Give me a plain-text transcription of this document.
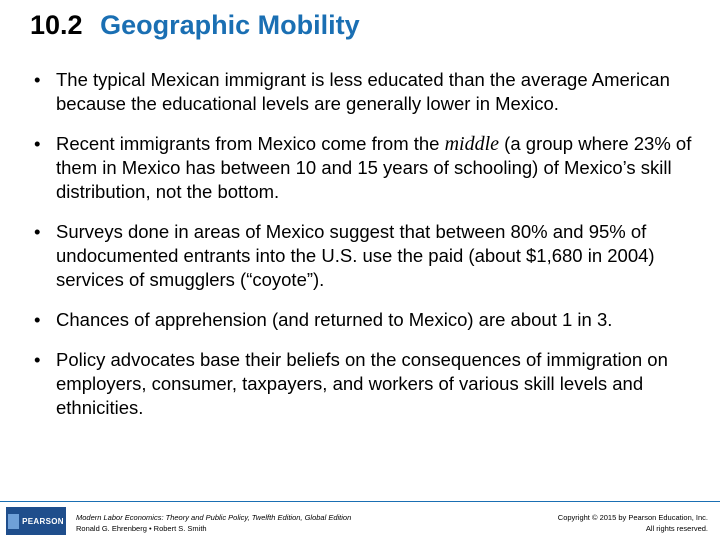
10.2 Geographic Mobility
• The typical Mexican immigrant is less educated than the average American because the educational levels are generally lower in Mexico.
• Recent immigrants from Mexico come from the middle (a group where 23% of them in Mexico has between 10 and 15 years of schooling) of Mexico’s skill distribution, not the bottom.
• Surveys done in areas of Mexico suggest that between 80% and 95% of undocumented entrants into the U.S. use the paid (about $1,680 in 2004) services of smugglers (“coyote”).
• Chances of apprehension (and returned to Mexico) are about 1 in 3.
• Policy advocates base their beliefs on the consequences of immigration on employers, consumer, taxpayers, and workers of various skill levels and ethnicities.
PEARSON Modern Labor Economics: Theory and Public Policy, Twelfth Edition, Global Edition
Ronald G. Ehrenberg • Robert S. Smith
Copyright © 2015 by Pearson Education, Inc.
All rights reserved.
